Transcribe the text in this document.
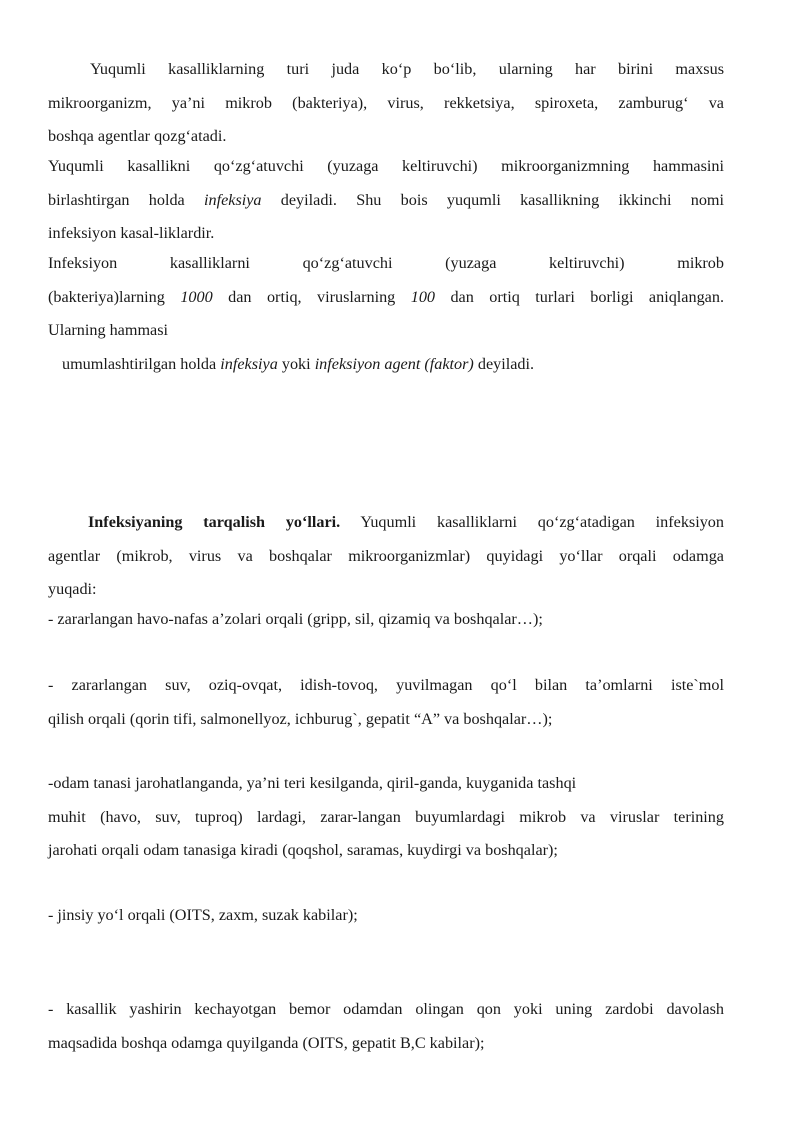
Yuqumli kasalliklarning turi juda ko‘p bo‘lib, ularning har birini maxsus
mikroorganizm, ya’ni mikrob (bakteriya), virus, rekketsiya, spiroxeta, zamburug‘ va
boshqa agentlar qozg‘atadi.
Yuqumli kasallikni qo‘zg‘atuvchi (yuzaga keltiruvchi) mikroorganizmning hammasini
birlashtirgan holda infeksiya deyiladi. Shu bois yuqumli kasallikning ikkinchi nomi
infeksiyon kasal-liklardir.
Infeksiyon kasalliklarni qo‘zg‘atuvchi (yuzaga keltiruvchi) mikrob
(bakteriya)larning 1000 dan ortiq, viruslarning 100 dan ortiq turlari borligi aniqlangan.
Ularning hammasi
umumlashtirilgan holda infeksiya yoki infeksiyon agent (faktor) deyiladi.
Infeksiyaning tarqalish yo‘llari. Yuqumli kasalliklarni qo‘zg‘atadigan infeksiyon
agentlar (mikrob, virus va boshqalar mikroorganizmlar) quyidagi yo‘llar orqali odamga
yuqadi:
- zararlangan havo-nafas a’zolari orqali (gripp, sil, qizamiq va boshqalar…);
- zararlangan suv, oziq-ovqat, idish-tovoq, yuvilmagan qo‘l bilan ta’omlarni iste`mol
qilish orqali (qorin tifi, salmonellyoz, ichburug`, gepatit “A” va boshqalar…);
-odam tanasi jarohatlanganda, ya’ni teri kesilganda, qiril-ganda, kuyganida tashqi
muhit (havo, suv, tuproq) lardagi, zarar-langan buyumlardagi mikrob va viruslar terining
jarohati orqali odam tanasiga kiradi (qoqshol, saramas, kuydirgi va boshqalar);
- jinsiy yo‘l orqali (OITS, zaxm, suzak kabilar);
- kasallik yashirin kechayotgan bemor odamdan olingan qon yoki uning zardobi davolash
maqsadida boshqa odamga quyilganda (OITS, gepatit B,C kabilar);
